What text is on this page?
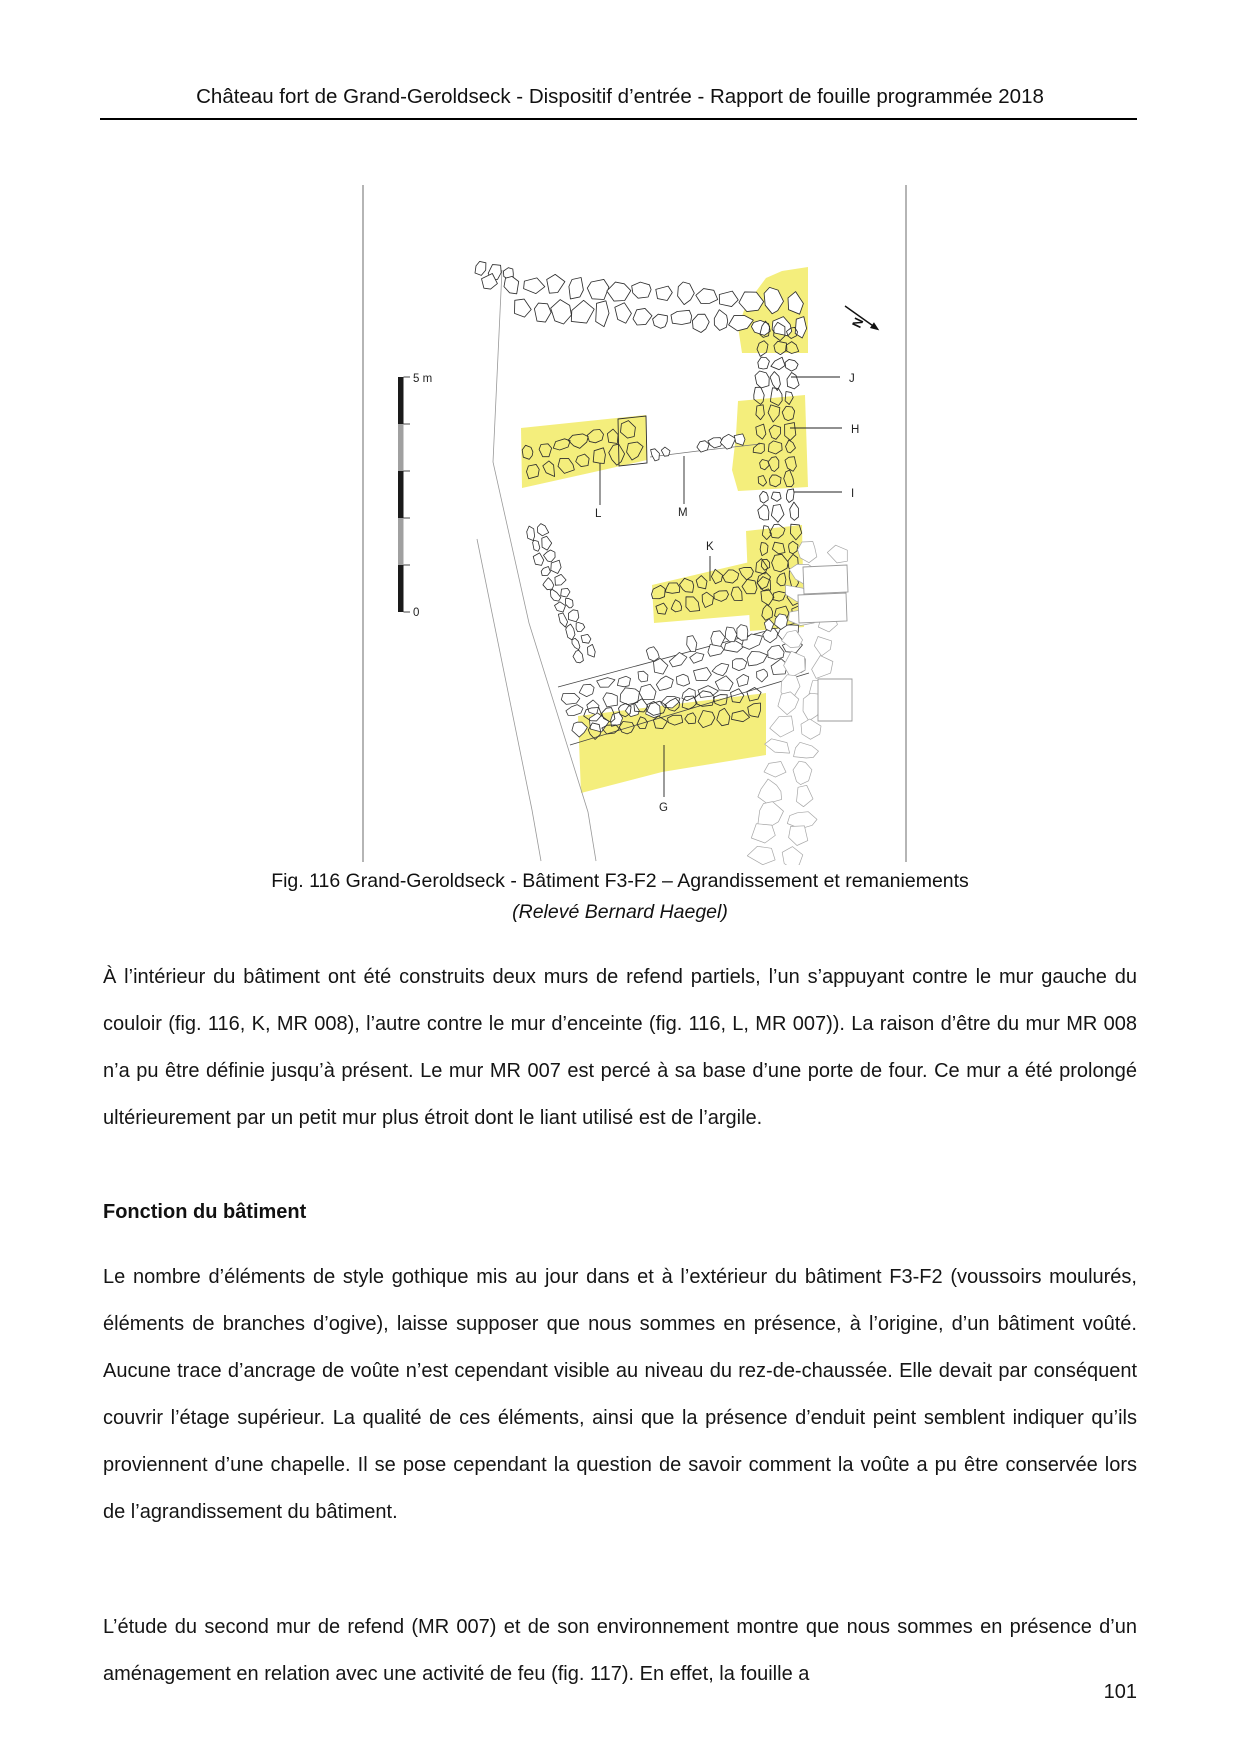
Château fort de Grand-Geroldseck - Dispositif d’entrée - Rapport de fouille programmée 2018
5 m
0
N
J
H
I
L	M
K
G
Fig. 116 Grand-Geroldseck - Bâtiment F3-F2 – Agrandissement et remaniements
(Relevé Bernard Haegel)
À l’intérieur du bâtiment ont été construits deux murs de refend partiels, l’un s’appuyant contre le mur gauche du couloir (fig. 116, K, MR 008), l’autre contre le mur d’enceinte (fig. 116, L, MR 007)). La raison d’être du mur MR 008 n’a pu être définie jusqu’à présent. Le mur MR 007 est percé à sa base d’une porte de four. Ce mur a été prolongé ultérieurement par un petit mur plus étroit dont le liant utilisé est de l’argile.
Fonction du bâtiment
Le nombre d’éléments de style gothique mis au jour dans et à l’extérieur du bâtiment F3-F2 (voussoirs moulurés, éléments de branches d’ogive), laisse supposer que nous sommes en présence, à l’origine, d’un bâtiment voûté. Aucune trace d’ancrage de voûte n’est cependant visible au niveau du rez-de-chaussée. Elle devait par conséquent couvrir l’étage supérieur. La qualité de ces éléments, ainsi que la présence d’enduit peint semblent indiquer qu’ils proviennent d’une chapelle. Il se pose cependant la question de savoir comment la voûte a pu être conservée lors de l’agrandissement du bâtiment.
L’étude du second mur de refend (MR 007) et de son environnement montre que nous sommes en présence d’un aménagement en relation avec une activité de feu (fig. 117). En effet, la fouille a
101
